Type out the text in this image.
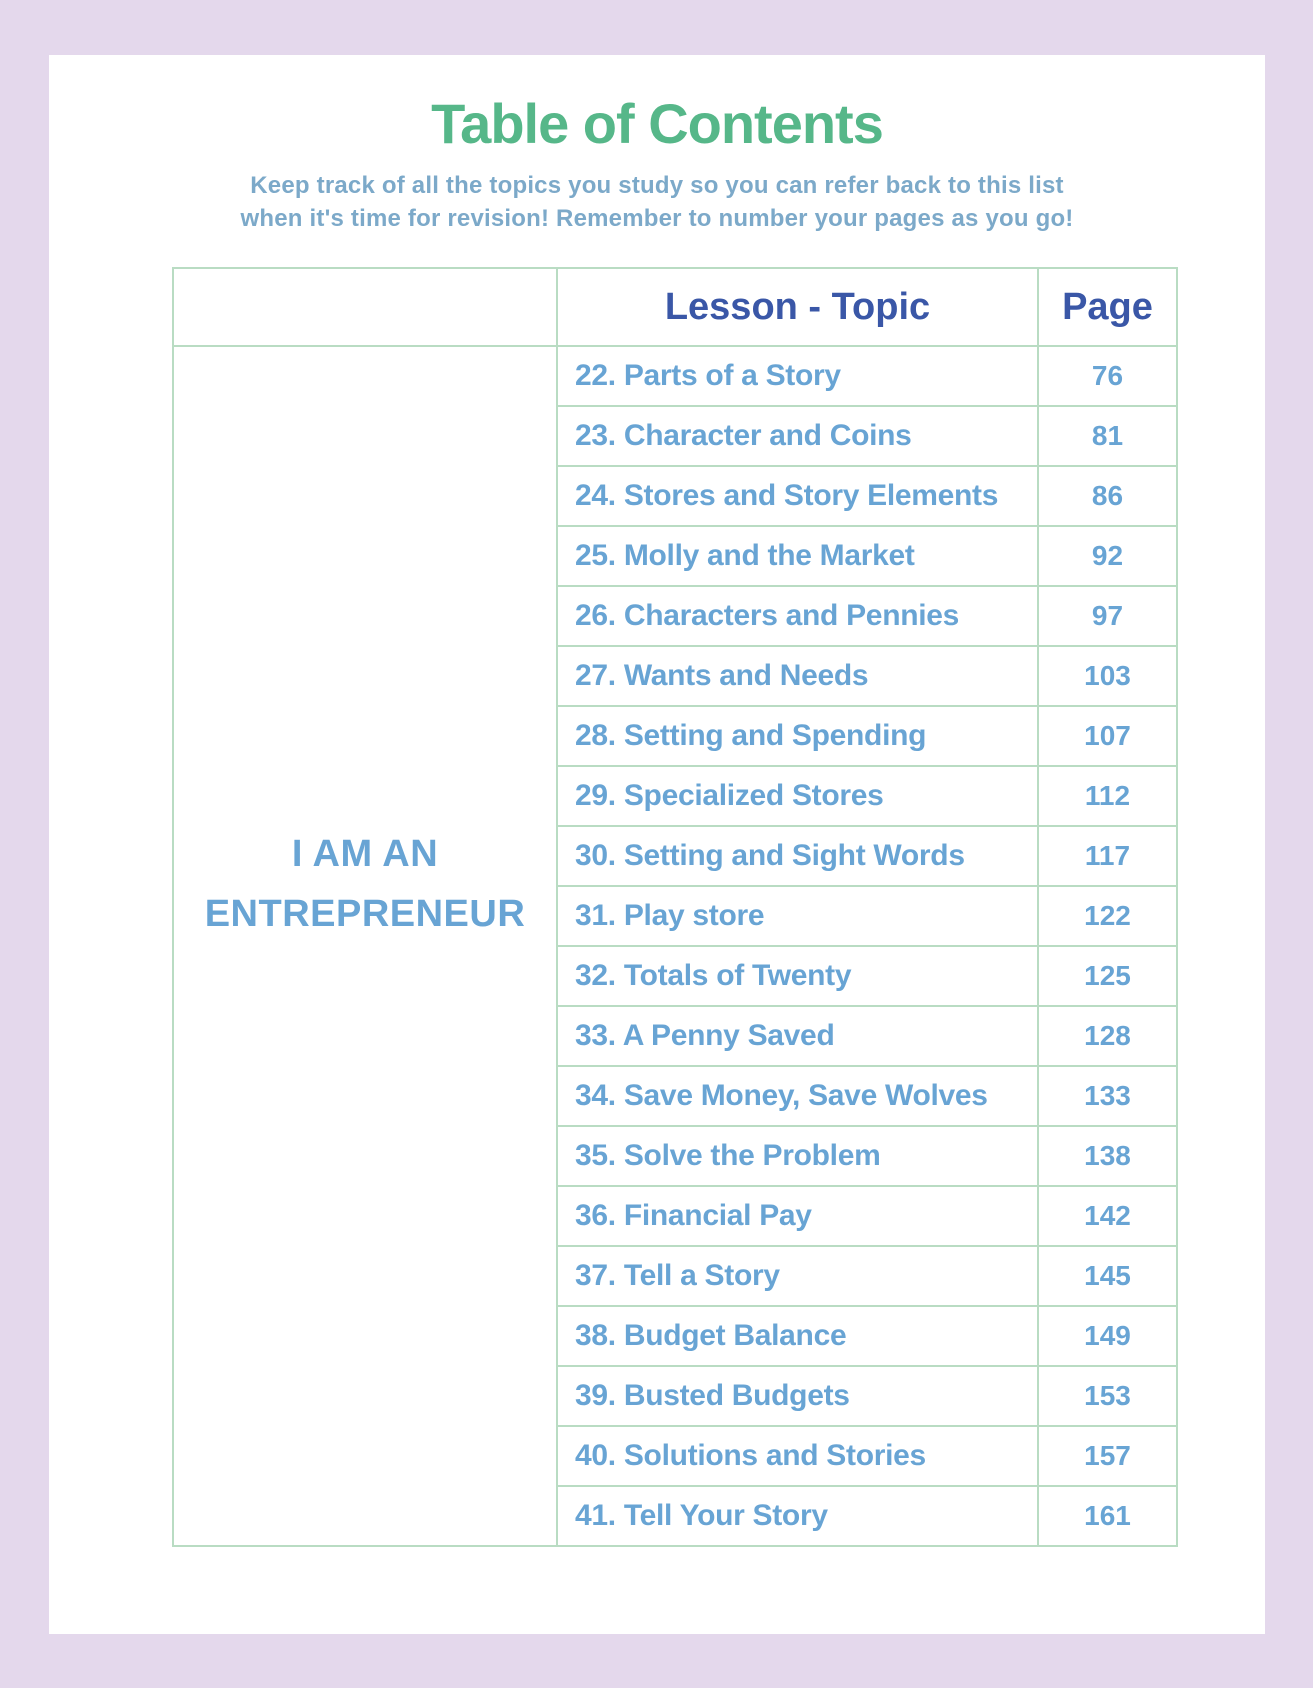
Table of Contents
Keep track of all the topics you study so you can refer back to this list
when it's time for revision! Remember to number your pages as you go!
	Lesson - Topic	Page

I AM AN
ENTREPRENEUR	22. Parts of a Story	76
	23. Character and Coins	81
	24. Stores and Story Elements	86
	25. Molly and the Market	92
	26. Characters and Pennies	97
	27. Wants and Needs	103
	28. Setting and Spending	107
	29. Specialized Stores	112
	30. Setting and Sight Words	117
	31. Play store	122
	32. Totals of Twenty	125
	33. A Penny Saved	128
	34. Save Money, Save Wolves	133
	35. Solve the Problem	138
	36. Financial Pay	142
	37. Tell a Story	145
	38. Budget Balance	149
	39. Busted Budgets	153
	40. Solutions and Stories	157
	41. Tell Your Story	161
